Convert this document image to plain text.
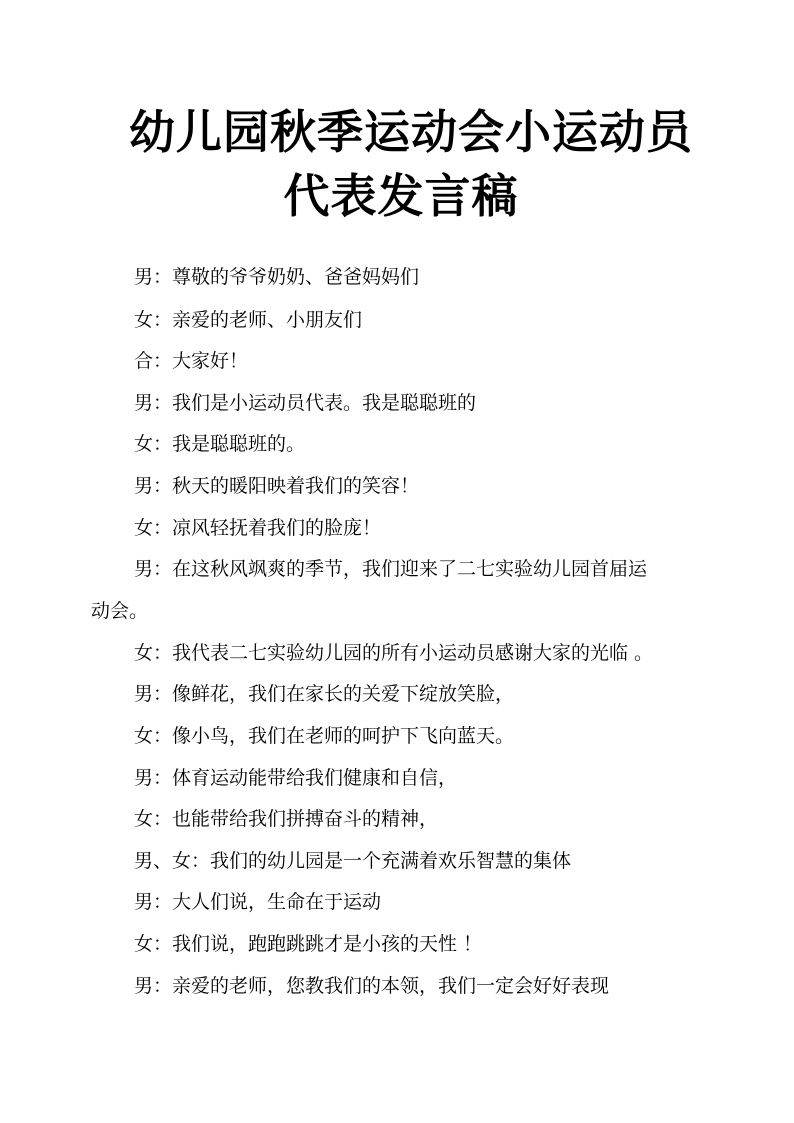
幼儿园秋季运动会小运动员
代表发言稿

男：尊敬的爷爷奶奶、爸爸妈妈们

女：亲爱的老师、小朋友们

合：大家好！

男：我们是小运动员代表。我是聪聪班的

女：我是聪聪班的。

男：秋天的暖阳映着我们的笑容！

女：凉风轻抚着我们的脸庞！

男：在这秋风飒爽的季节，我们迎来了二七实验幼儿园首届运

动会。

女：我代表二七实验幼儿园的所有小运动员感谢大家的光临 。

男：像鲜花，我们在家长的关爱下绽放笑脸，

女：像小鸟，我们在老师的呵护下飞向蓝天。

男：体育运动能带给我们健康和自信，

女：也能带给我们拼搏奋斗的精神，

男、女：我们的幼儿园是一个充满着欢乐智慧的集体

男：大人们说，生命在于运动

女：我们说，跑跑跳跳才是小孩的天性 ！

男：亲爱的老师，您教我们的本领，我们一定会好好表现
